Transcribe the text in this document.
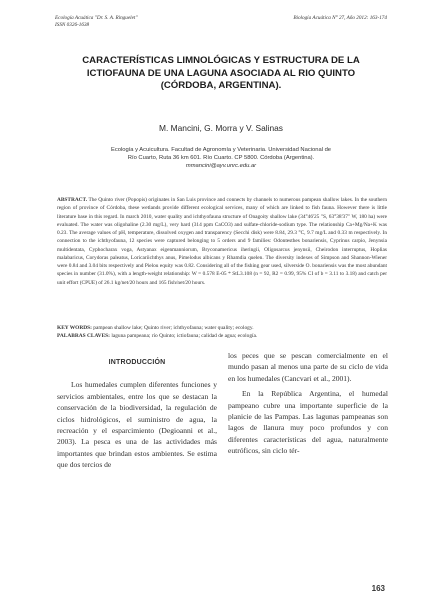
Ecología Acuática "Dr. S. A. Ringuelet"
ISSN 0326-1638
Biología Acuática N° 27, Año 2012: 163-174
CARACTERÍSTICAS LIMNOLÓGICAS Y ESTRUCTURA DE LA ICTIOFAUNA DE UNA LAGUNA ASOCIADA AL RIO QUINTO (CÓRDOBA, ARGENTINA).
M. Mancini, G. Morra y V. Salinas
Ecología y Acuicultura. Facultad de Agronomía y Veterinaria. Universidad Nacional de
Río Cuarto, Ruta 36 km 601. Río Cuarto. CP 5800. Córdoba (Argentina).
mmancini@ayv.unrc.edu.ar
ABSTRACT. The Quinto river (Popopis) originates in San Luis province and connects by channels to numerous pampean shallow lakes. In the southern region of province of Córdoba, these wetlands provide different ecological services, many of which are linked to fish fauna. However there is little literature base in this regard. In march 2010, water quality and ichthyofauna structure of Onagoity shallow lake (34°46'25 "S, 63°38'37" W, 180 ha) were evaluated. The water was oligohaline (2.30 mg/L), very hard (314 ppm CaCO3) and sulfate-chloride-sodium type. The relationship Ca+Mg/Na+K was 0.23. The average values of pH, temperature, dissolved oxygen and transparency (Secchi disk) were 8.84, 29.3 °C, 9.7 mg/L and 0.33 m respectively. In connection to the ichthyofauna, 12 species were captured belonging to 5 orders and 9 families: Odontesthes bonariensis, Cyprinus carpio, Jenynsia multidentata, Cyphocharax voga, Astyanax eigenmanniorum, Bryconamericus iheringii, Oligosarcus jenynsii, Cheirodon interruptus, Hoplias malabaricus, Corydoras paleatus, Loricariichthys anus, Pimelodus albicans y Rhamdia quelen. The diversity indexes of Simpson and Shannon-Wiener were 0.84 and 3.04 bits respectively and Pielou equity was 0.82. Considering all of the fishing gear used, silverside O. bonariensis was the most abundant species in number (31.0%), with a length-weight relationship: W = 0.578 E-05 * StL3.108 (n = 92, R2 = 0.99, 95% CI of b = 3.11 to 3.18) and catch per unit effort (CPUE) of 26.1 kg/net/20 hours and 165 fish/net/20 hours.
KEY WORDS: pampean shallow lake; Quinto river; ichthyofauna; water quality; ecology.
PALABRAS CLAVES: laguna pampeana; río Quinto; ictiofauna; calidad de agua; ecología.
INTRODUCCIÓN

Los humedales cumplen diferentes funciones y servicios ambientales, entre los que se destacan la conservación de la biodiversidad, la regulación de ciclos hidrológicos, el suministro de agua, la recreación y el esparcimiento (Degioanni et al., 2003). La pesca es una de las actividades más importantes que brindan estos ambientes. Se estima que dos tercios de

los peces que se pescan comercialmente en el mundo pasan al menos una parte de su ciclo de vida en los humedales (Cancvari et al., 2001).

En la República Argentina, el humedal pampeano cubre una importante superficie de la planicie de las Pampas. Las lagunas pampeanas son lagos de llanura muy poco profundos y con diferentes características del agua, naturalmente eutróficos, sin ciclo tér-

163
